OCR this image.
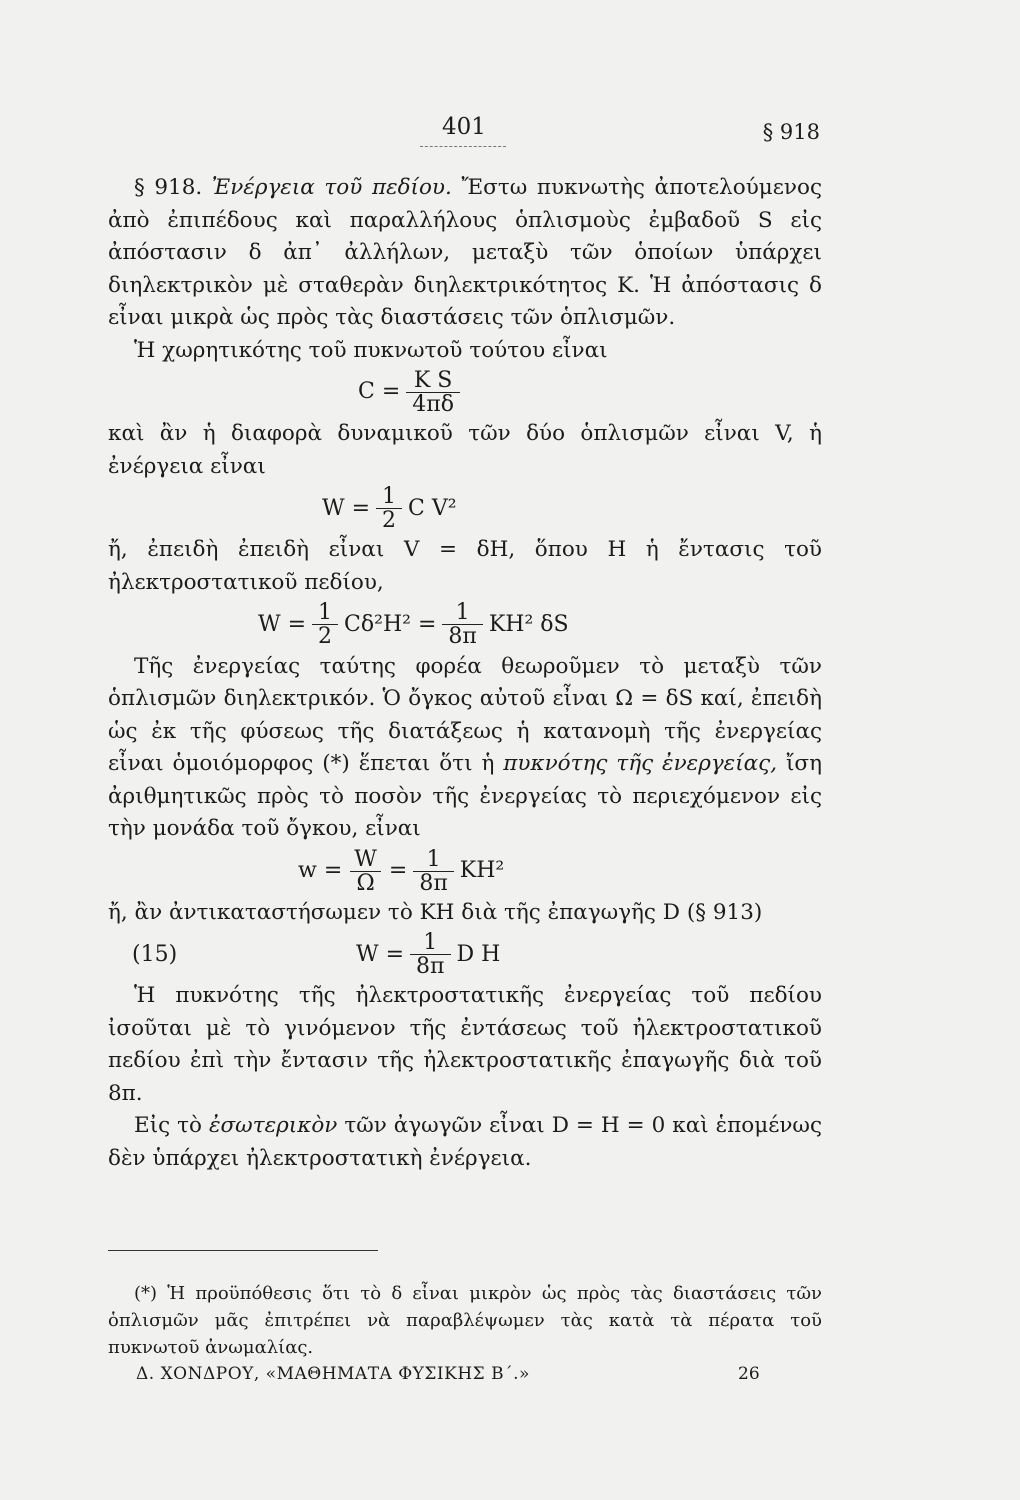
401	§ 918

§ 918. Ἐνέργεια τοῦ πεδίου. Ἔστω πυκνωτὴς ἀποτελούμενος ἀπὸ ἐπιπέδους καὶ παραλλήλους ὁπλισμοὺς ἐμβαδοῦ S εἰς ἀπόστασιν δ ἀπ᾽ ἀλλήλων, μεταξὺ τῶν ὁποίων ὑπάρχει διηλεκτρικὸν μὲ σταθερὰν διηλεκτρικότητος K. Ἡ ἀπόστασις δ εἶναι μικρὰ ὡς πρὸς τὰς διαστάσεις τῶν ὁπλισμῶν.

Ἡ χωρητικότης τοῦ πυκνωτοῦ τούτου εἶναι

$C = \frac{\text{K S}}{4\pi\delta}$

καὶ ἂν ἡ διαφορὰ δυναμικοῦ τῶν δύο ὁπλισμῶν εἶναι V, ἡ ἐνέργεια εἶναι

$W = \frac{1}{2}$ C V²

ἤ, ἐπειδὴ ἐπειδὴ εἶναι V = δH, ὅπου H ἡ ἔντασις τοῦ ἠλεκτροστατικοῦ πεδίου,

$W = \frac{1}{2} C\delta^2H^2 = \frac{1}{8\pi} KH^2$ δS

Τῆς ἐνεργείας ταύτης φορέα θεωροῦμεν τὸ μεταξὺ τῶν ὁπλισμῶν διηλεκτρικόν. Ὁ ὄγκος αὐτοῦ εἶναι Ω = δS καί, ἐπειδὴ ὡς ἐκ τῆς φύσεως τῆς διατάξεως ἡ κατανομὴ τῆς ἐνεργείας εἶναι ὁμοιόμορφος (*) ἕπεται ὅτι ἡ πυκνότης τῆς ἐνεργείας, ἴση ἀριθμητικῶς πρὸς τὸ ποσὸν τῆς ἐνεργείας τὸ περιεχόμενον εἰς τὴν μονάδα τοῦ ὄγκου, εἶναι

$w = \frac{W}{\Omega} = \frac{1}{8\pi} KH^2$

ἤ, ἂν ἀντικαταστήσωμεν τὸ KH διὰ τῆς ἐπαγωγῆς D (§ 913)

(15)	$W = \frac{1}{8\pi}$ D H

Ἡ πυκνότης τῆς ἠλεκτροστατικῆς ἐνεργείας τοῦ πεδίου ἰσοῦται μὲ τὸ γινόμενον τῆς ἐντάσεως τοῦ ἠλεκτροστατικοῦ πεδίου ἐπὶ τὴν ἔντασιν τῆς ἠλεκτροστατικῆς ἐπαγωγῆς διὰ τοῦ 8π.

Εἰς τὸ ἐσωτερικὸν τῶν ἀγωγῶν εἶναι D = H = 0 καὶ ἑπομένως δὲν ὑπάρχει ἠλεκτροστατικὴ ἐνέργεια.

(*) Ἡ προϋπόθεσις ὅτι τὸ δ εἶναι μικρὸν ὡς πρὸς τὰς διαστάσεις τῶν ὁπλισμῶν μᾶς ἐπιτρέπει νὰ παραβλέψωμεν τὰς κατὰ τὰ πέρατα τοῦ πυκνωτοῦ ἀνωμαλίας.

Δ. ΧΟΝΔΡΟΥ, «ΜΑΘΗΜΑΤΑ ΦΥΣΙΚΗΣ Β΄.»	26
